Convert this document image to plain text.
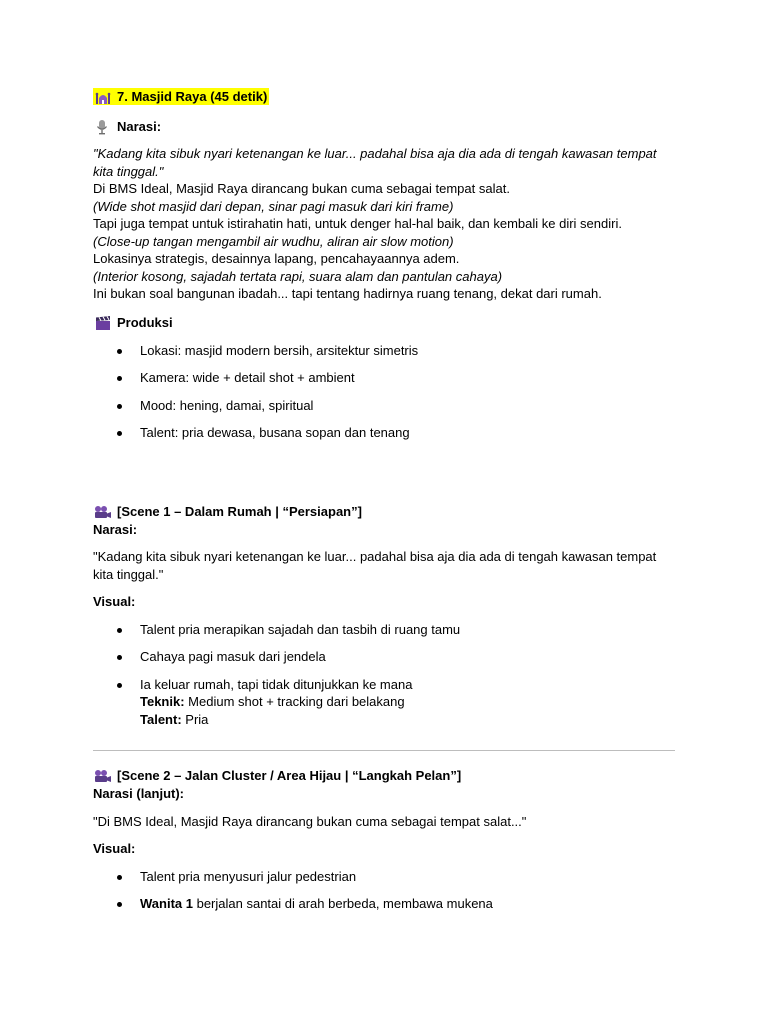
7. Masjid Raya (45 detik)
Narasi:
"Kadang kita sibuk nyari ketenangan ke luar... padahal bisa aja dia ada di tengah kawasan tempat kita tinggal."
Di BMS Ideal, Masjid Raya dirancang bukan cuma sebagai tempat salat.
(Wide shot masjid dari depan, sinar pagi masuk dari kiri frame)
Tapi juga tempat untuk istirahatin hati, untuk denger hal-hal baik, dan kembali ke diri sendiri.
(Close-up tangan mengambil air wudhu, aliran air slow motion)
Lokasinya strategis, desainnya lapang, pencahayaannya adem.
(Interior kosong, sajadah tertata rapi, suara alam dan pantulan cahaya)
Ini bukan soal bangunan ibadah... tapi tentang hadirnya ruang tenang, dekat dari rumah.
Produksi
Lokasi: masjid modern bersih, arsitektur simetris
Kamera: wide + detail shot + ambient
Mood: hening, damai, spiritual
Talent: pria dewasa, busana sopan dan tenang
[Scene 1 – Dalam Rumah | “Persiapan”]
Narasi:
"Kadang kita sibuk nyari ketenangan ke luar... padahal bisa aja dia ada di tengah kawasan tempat kita tinggal."
Visual:
Talent pria merapikan sajadah dan tasbih di ruang tamu
Cahaya pagi masuk dari jendela
Ia keluar rumah, tapi tidak ditunjukkan ke mana
Teknik: Medium shot + tracking dari belakang
Talent: Pria
[Scene 2 – Jalan Cluster / Area Hijau | “Langkah Pelan”]
Narasi (lanjut):
"Di BMS Ideal, Masjid Raya dirancang bukan cuma sebagai tempat salat..."
Visual:
Talent pria menyusuri jalur pedestrian
Wanita 1 berjalan santai di arah berbeda, membawa mukena
